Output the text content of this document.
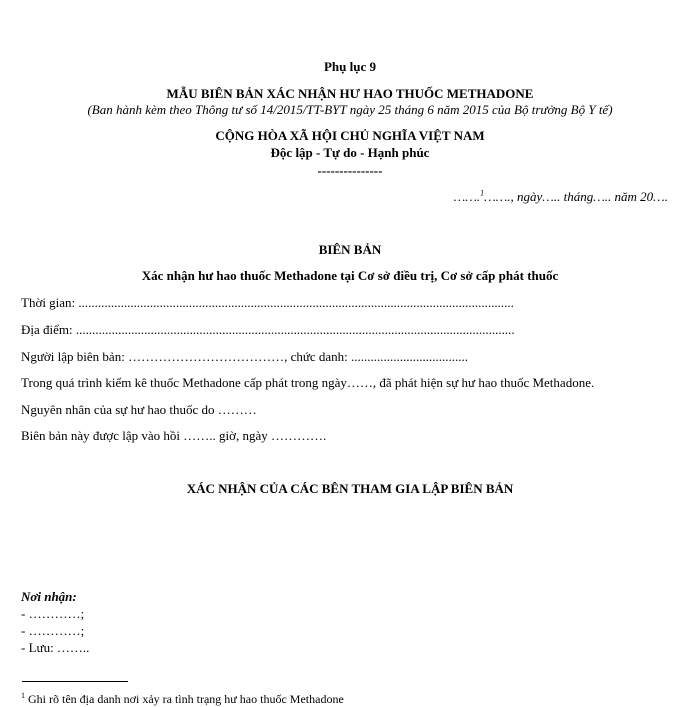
Phụ lục 9
MẪU BIÊN BẢN XÁC NHẬN HƯ HAO THUỐC METHADONE
(Ban hành kèm theo Thông tư số 14/2015/TT-BYT ngày 25 tháng 6 năm 2015 của Bộ trưởng Bộ Y tế)
CỘNG HÒA XÃ HỘI CHỦ NGHĨA VIỆT NAM
Độc lập - Tự do - Hạnh phúc
---------------
…….$^1$……., ngày….. tháng….. năm 20….
BIÊN BẢN
Xác nhận hư hao thuốc Methadone tại Cơ sở điều trị, Cơ sở cấp phát thuốc
Thời gian: ......................................................................................................................................
Địa điểm: .......................................................................................................................................
Người lập biên bản: ………………………………, chức danh: ....................................
Trong quá trình kiểm kê thuốc Methadone cấp phát trong ngày……, đã phát hiện sự hư hao thuốc Methadone.
Nguyên nhân của sự hư hao thuốc do ………
Biên bản này được lập vào hồi …….. giờ, ngày ………….
XÁC NHẬN CỦA CÁC BÊN THAM GIA LẬP BIÊN BẢN
Nơi nhận:
- …………;
- …………;
- Lưu: ……..
$^1$ Ghi rõ tên địa danh nơi xảy ra tình trạng hư hao thuốc Methadone
